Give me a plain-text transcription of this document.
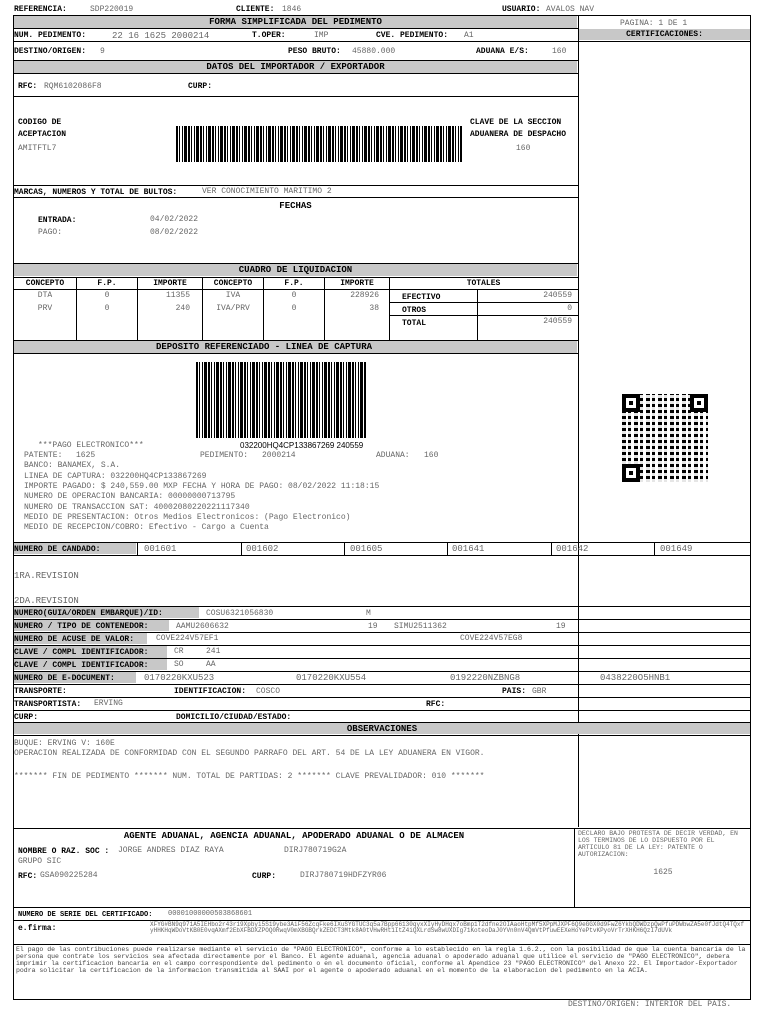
REFERENCIA:	SDP220019	CLIENTE: 1846	USUARIO: AVALOS NAV
FORMA SIMPLIFICADA DEL PEDIMENTO	PAGINA: 1 DE 1
CERTIFICACIONES:
NUM. PEDIMENTO:	22 16 1625 2000214	T.OPER:	IMP	CVE. PEDIMENTO: A1
DESTINO/ORIGEN: 9	PESO BRUTO: 45880.000	ADUANA E/S:	160
DATOS DEL IMPORTADOR / EXPORTADOR
RFC: RQM6102086F8	CURP:
CODIGO DE
ACEPTACION
AMITFTL7
CLAVE DE LA SECCION
ADUANERA DE DESPACHO
160
MARCAS, NUMEROS Y TOTAL DE BULTOS:	VER CONOCIMIENTO MARITIMO 2
FECHAS
ENTRADA:	04/02/2022
PAGO:	08/02/2022
CUADRO DE LIQUIDACION
CONCEPTO	F.P.	IMPORTE	CONCEPTO	F.P.	IMPORTE	TOTALES
DTA	0	11355	IVA	0	228926
PRV	0	240	IVA/PRV	0	38
EFECTIVO	240559
OTROS	0
TOTAL	240559
DEPOSITO REFERENCIADO - LINEA DE CAPTURA
***PAGO ELECTRONICO***	032200HQ4CP133867269 240559
PATENTE: 1625	PEDIMENTO: 2000214	ADUANA: 160
BANCO: BANAMEX, S.A.
LINEA DE CAPTURA: 032200HQ4CP133867269
IMPORTE PAGADO: $ 240,559.00 MXP FECHA Y HORA DE PAGO: 08/02/2022 11:18:15
NUMERO DE OPERACION BANCARIA: 00000000713795
NUMERO DE TRANSACCION SAT: 40002080220221117340
MEDIO DE PRESENTACION: Otros Medios Electronicos: (Pago Electronico)
MEDIO DE RECEPCION/COBRO: Efectivo - Cargo a Cuenta
NUMERO DE CANDADO:	001601	001602	001605	001641	001642	001649
1RA.REVISION
2DA.REVISION
NUMERO(GUIA/ORDEN EMBARQUE)/ID:	COSU6321056830	M
NUMERO / TIPO DE CONTENEDOR:	AAMU2606632	19 SIMU2511362	19
NUMERO DE ACUSE DE VALOR:	COVE224V57EF1	COVE224V57EG8
CLAVE / COMPL IDENTIFICADOR:	CR	241
CLAVE / COMPL IDENTIFICADOR:	SO	AA
NUMERO DE E-DOCUMENT:	0170220KXU523	0170220KXU554	0192220NZBNG8	0438220O5HNB1
TRANSPORTE:	IDENTIFICACION: COSCO	PAIS: GBR
TRANSPORTISTA: ERVING	RFC:
CURP:	DOMICILIO/CIUDAD/ESTADO:
OBSERVACIONES
BUQUE: ERVING V: 160E
OPERACION REALIZADA DE CONFORMIDAD CON EL SEGUNDO PARRAFO DEL ART. 54 DE LA LEY ADUANERA EN VIGOR.
******* FIN DE PEDIMENTO ******* NUM. TOTAL DE PARTIDAS: 2 ******* CLAVE PREVALIDADOR: 010 *******
AGENTE ADUANAL, AGENCIA ADUANAL, APODERADO ADUANAL O DE ALMACEN
NOMBRE O RAZ. SOC : JORGE ANDRES DIAZ RAYA	DIRJ780719G2A
GRUPO SIC
RFC: GSA090225284	CURP:	DIRJ780719HDFZYR06
DECLARO BAJO PROTESTA DE DECIR VERDAD, EN LOS TERMINOS DE LO DISPUESTO POR EL ARTICULO 81 DE LA LEY: PATENTE O AUTORIZACION:
1625
NUMERO DE SERIE DEL CERTIFICADO: 00001000000503868601
e.firma:	XFYG#BN9q971A5IEHbo2r43r19Xpbyi5S19ybe3AiF56ZcqFke6IXuSYGTUC3q5a7Bpp66130qyxXIyHyDHqx7oBmp1T2dfne2OIAaoHtpMf5XPpMJXPF6Q9eGGX0d9FwZ6YkbQDWDzpQwPfuPDWbwZA5e0fJdtQ4TQxfyHHKHqWDoVtKB0E0vqAXmf2EbXFBDXZPOQ0RwqV0mXBGBQrkZEDCT3Mtk8A0tVHwRHt1ItZ4iQXLrdSw8wUXDIg71KoteoDaJ0YVn0nV4QmVtPfuwEEXeHoYePtvKPyoVrTrXHKH6QzI7dUVk
El pago de las contribuciones puede realizarse mediante el servicio de "PAGO ELECTRONICO", conforme a lo establecido en la regla 1.6.2., con la posibilidad de que la cuenta bancaria de la persona que contrate los servicios sea afectada directamente por el Banco. El agente aduanal, agencia aduanal o apoderado aduanal que utilice el servicio de "PAGO ELECTRONICO", debera imprimir la certificacion bancaria en el campo correspondiente del pedimento o en el documento oficial, conforme al Apendice 23 "PAGO ELECTRONICO" del Anexo 22. El Importador-Exportador podra solicitar la certificacion de la informacion transmitida al SAAI por el agente o apoderado aduanal en el momento de la elaboracion del pedimento en la ACIA.
DESTINO/ORIGEN: INTERIOR DEL PAIS.
